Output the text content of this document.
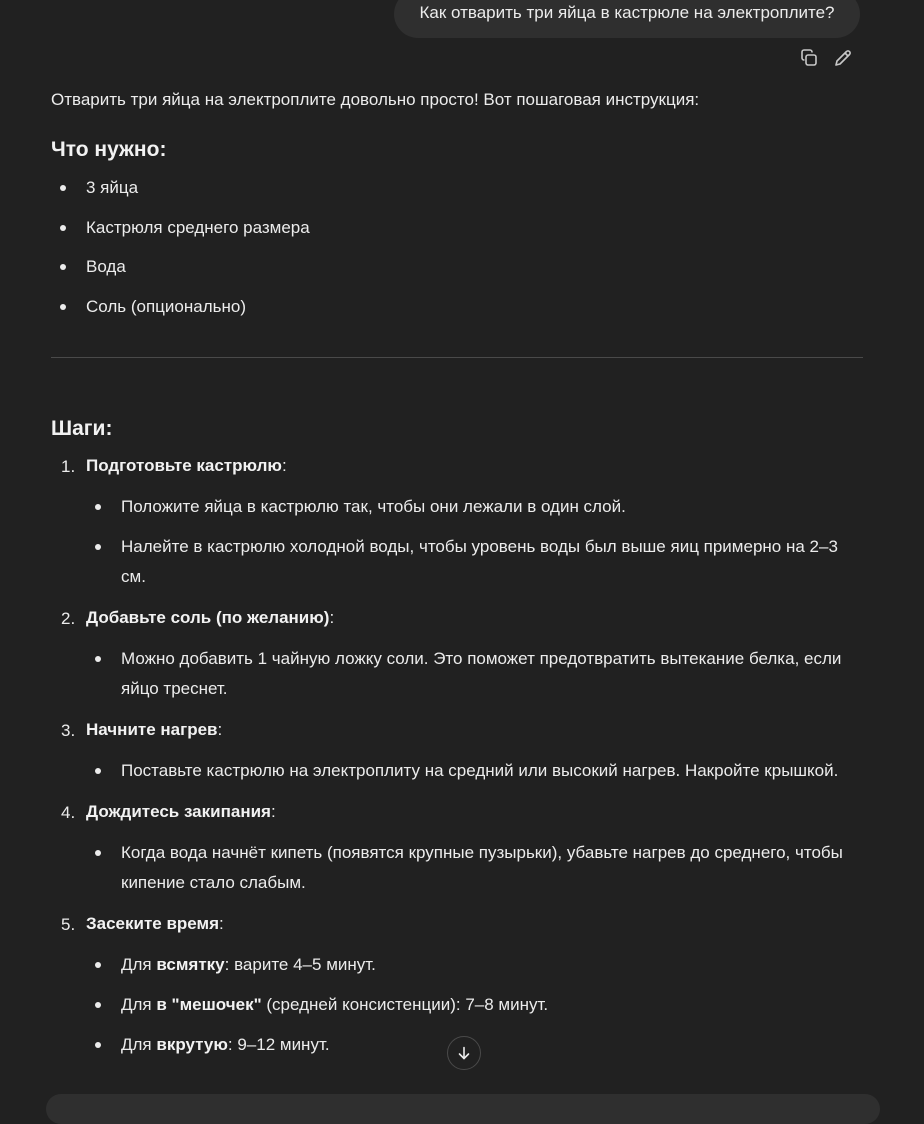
Как отварить три яйца в кастрюле на электроплите?

Отварить три яйца на электроплите довольно просто! Вот пошаговая инструкция:

Что нужно:
3 яйца
Кастрюля среднего размера
Вода
Соль (опционально)
Шаги:
1. Подготовьте кастрюлю:
Положите яйца в кастрюлю так, чтобы они лежали в один слой.
Налейте в кастрюлю холодной воды, чтобы уровень воды был выше яиц примерно на 2–3 см.
2. Добавьте соль (по желанию):
Можно добавить 1 чайную ложку соли. Это поможет предотвратить вытекание белка, если яйцо треснет.
3. Начните нагрев:
Поставьте кастрюлю на электроплиту на средний или высокий нагрев. Накройте крышкой.
4. Дождитесь закипания:
Когда вода начнёт кипеть (появятся крупные пузырьки), убавьте нагрев до среднего, чтобы кипение стало слабым.
5. Засеките время:
Для всмятку: варите 4–5 минут.
Для в "мешочек" (средней консистенции): 7–8 минут.
Для вкрутую: 9–12 минут.
